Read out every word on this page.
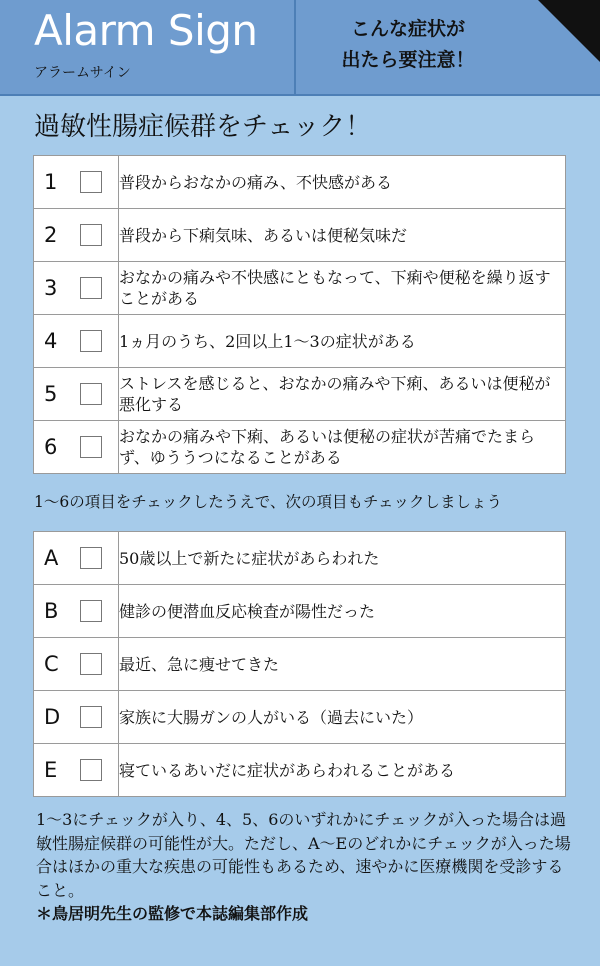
Alarm Sign
アラームサイン
こんな症状が
出たら要注意！
過敏性腸症候群をチェック！
1	普段からおなかの痛み、不快感がある

2	普段から下痢気味、あるいは便秘気味だ

3	おなかの痛みや不快感にともなって、下痢や便秘を繰り返すことがある

4	1ヵ月のうち、2回以上1〜3の症状がある

5	ストレスを感じると、おなかの痛みや下痢、あるいは便秘が悪化する

6	おなかの痛みや下痢、あるいは便秘の症状が苦痛でたまらず、ゆううつになることがある
1〜6の項目をチェックしたうえで、次の項目もチェックしましょう
A	50歳以上で新たに症状があらわれた

B	健診の便潜血反応検査が陽性だった

C	最近、急に痩せてきた

D	家族に大腸ガンの人がいる（過去にいた）

E	寝ているあいだに症状があらわれることがある

1〜3にチェックが入り、4、5、6のいずれかにチェックが入った場合は過敏性腸症候群の可能性が大。ただし、A〜Eのどれかにチェックが入った場合はほかの重大な疾患の可能性もあるため、速やかに医療機関を受診すること。

＊鳥居明先生の監修で本誌編集部作成
